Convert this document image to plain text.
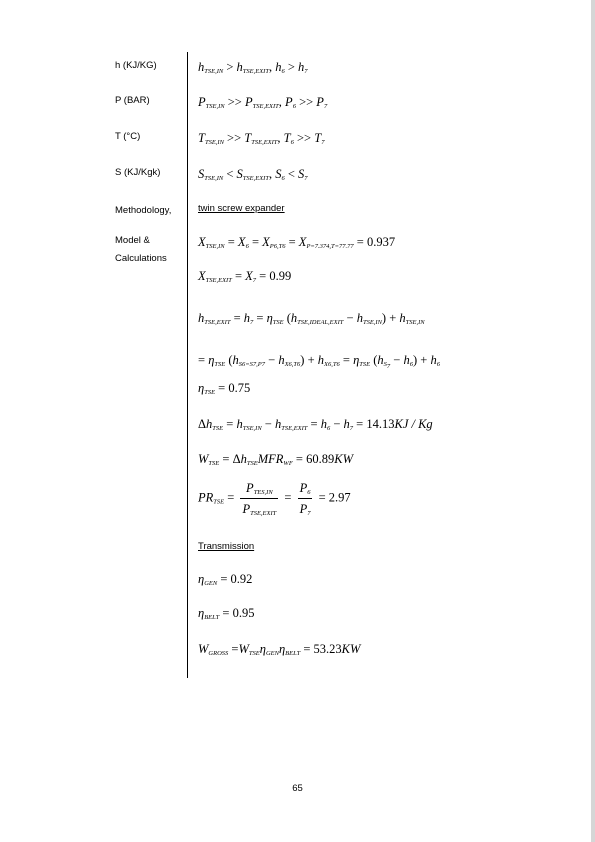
h (KJ/KG)
P (BAR)
T (°C)
S (KJ/Kgk)
Methodology,
Model &
Calculations
$h_{TSE,IN} > h_{TSE,EXIT}$, $h_6 > h_7$
$P_{TSE,IN} >> P_{TSE,EXIT}$, $P_6 >> P_7$
$T_{TSE,IN} >> T_{TSE,EXIT}$, $T_6 >> T_7$
$S_{TSE,IN} < S_{TSE,EXIT}$, $S_6 < S_7$
twin screw expander
$X_{TSE,IN} = X_6 = X_{P6,T6} = X_{P=7.374,T=77.77} = 0.937$
$X_{TSE,EXIT} = X_7 = 0.99$
$h_{TSE,EXIT} = h_7 = \eta_{TSE}$ $(h_{TSE,IDEAL,EXIT} - h_{TSE,IN}) + h_{TSE,IN}$
= $\eta_{TSE}$ $(h_{S6=S7,P7} - h_{X6,T6}) + h_{X6,T6} = \eta_{TSE}$ $(h_{S_7} - h_6) + h_6$
$\eta_{TSE} = 0.75$
$\Delta h_{TSE} = h_{TSE,IN} - h_{TSE,EXIT} = h_6 - h_7 = 14.13KJ / Kg$
$W_{TSE} = \Delta h_{TSE}MFR_{WF} = 60.89KW$
$PR_{TSE} = \frac{P_{TES,IN}}{P_{TSE,EXIT}} = \frac{P_6}{P_7} = 2.97$
Transmission
$\eta_{GEN} = 0.92$
$\eta_{BELT} = 0.95$
$W_{GROSS} =W_{TSE}\eta_{GEN}\eta_{BELT} = 53.23KW$
65
